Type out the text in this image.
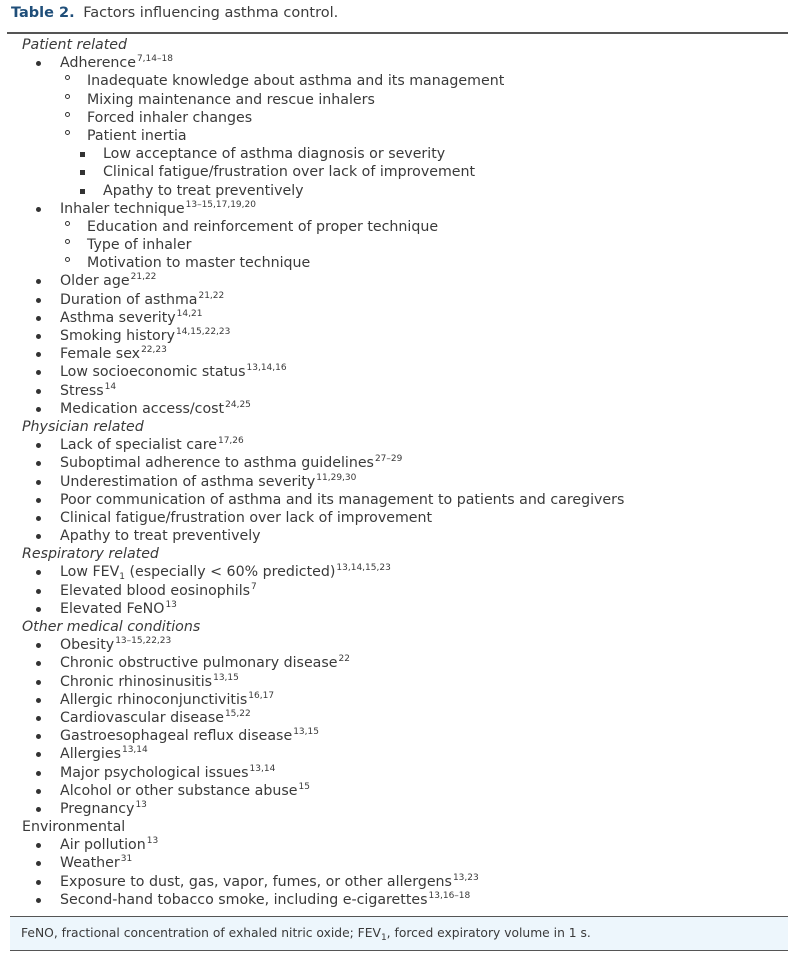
Table 2. Factors influencing asthma control.
Patient related
Adherence$^{7,14-18}$
Inadequate knowledge about asthma and its management
Mixing maintenance and rescue inhalers
Forced inhaler changes
Patient inertia
Low acceptance of asthma diagnosis or severity
Clinical fatigue/frustration over lack of improvement
Apathy to treat preventively
Inhaler technique$^{13-15,17,19,20}$
Education and reinforcement of proper technique
Type of inhaler
Motivation to master technique
Older age$^{21,22}$
Duration of asthma$^{21,22}$
Asthma severity$^{14,21}$
Smoking history$^{14,15,22,23}$
Female sex$^{22,23}$
Low socioeconomic status$^{13,14,16}$
Stress$^{14}$
Medication access/cost$^{24,25}$
Physician related
Lack of specialist care$^{17,26}$
Suboptimal adherence to asthma guidelines$^{27-29}$
Underestimation of asthma severity$^{11,29,30}$
Poor communication of asthma and its management to patients and caregivers
Clinical fatigue/frustration over lack of improvement
Apathy to treat preventively
Respiratory related
Low $FEV_1$ (especially < 60% predicted)$^{13,14,15,23}$
Elevated blood eosinophils$^7$
Elevated FeNO$^{13}$
Other medical conditions
Obesity$^{13-15,22,23}$
Chronic obstructive pulmonary disease$^{22}$
Chronic rhinosinusitis$^{13,15}$
Allergic rhinoconjunctivitis$^{16,17}$
Cardiovascular disease$^{15,22}$
Gastroesophageal reflux disease$^{13,15}$
Allergies$^{13,14}$
Major psychological issues$^{13,14}$
Alcohol or other substance abuse$^{15}$
Pregnancy$^{13}$
Environmental
Air pollution$^{13}$
Weather$^{31}$
Exposure to dust, gas, vapor, fumes, or other allergens$^{13,23}$
Second-hand tobacco smoke, including e-cigarettes$^{13,16-18}$
FeNO, fractional concentration of exhaled nitric oxide; $FEV_1$, forced expiratory volume in 1 s.
